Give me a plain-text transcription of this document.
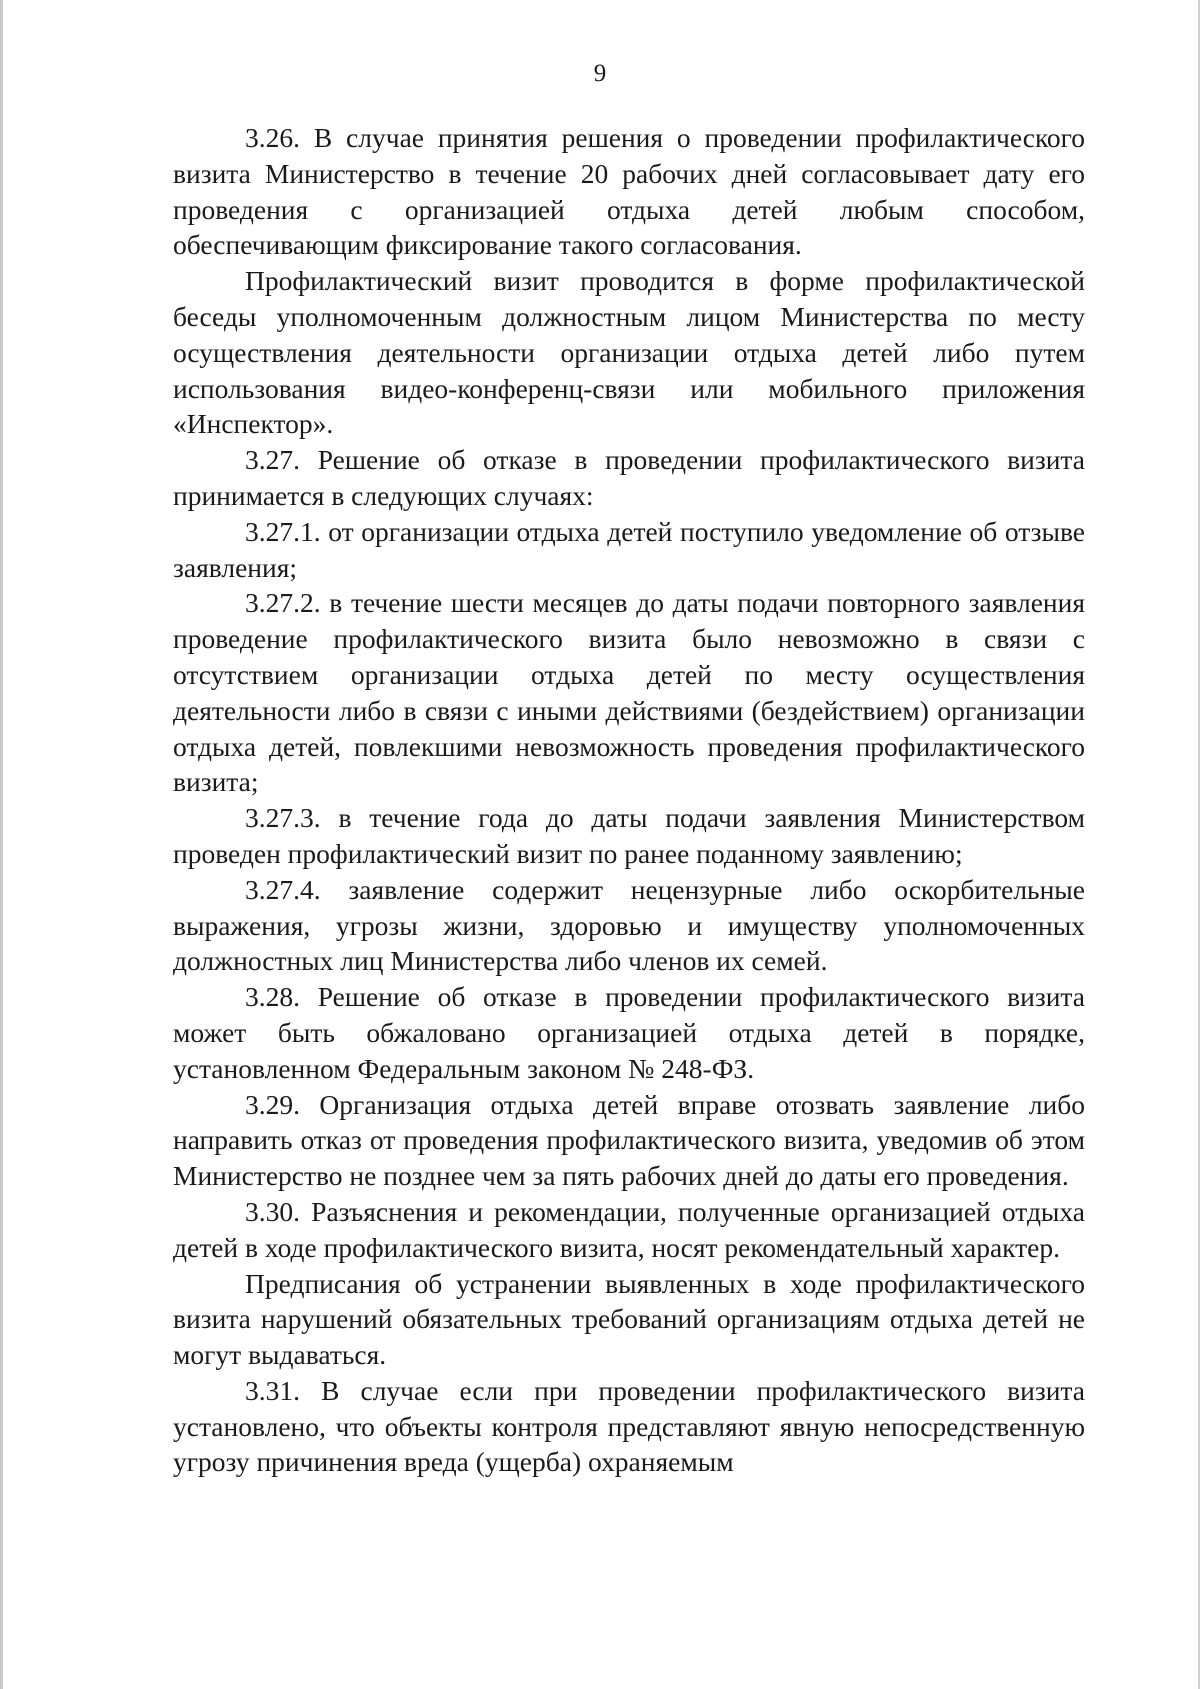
9

3.26. В случае принятия решения о проведении профилактического визита Министерство в течение 20 рабочих дней согласовывает дату его проведения с организацией отдыха детей любым способом, обеспечивающим фиксирование такого согласования.

Профилактический визит проводится в форме профилактической беседы уполномоченным должностным лицом Министерства по месту осуществления деятельности организации отдыха детей либо путем использования видео-конференц-связи или мобильного приложения «Инспектор».

3.27. Решение об отказе в проведении профилактического визита принимается в следующих случаях:

3.27.1. от организации отдыха детей поступило уведомление об отзыве заявления;

3.27.2. в течение шести месяцев до даты подачи повторного заявления проведение профилактического визита было невозможно в связи с отсутствием организации отдыха детей по месту осуществления деятельности либо в связи с иными действиями (бездействием) организации отдыха детей, повлекшими невозможность проведения профилактического визита;

3.27.3. в течение года до даты подачи заявления Министерством проведен профилактический визит по ранее поданному заявлению;

3.27.4. заявление содержит нецензурные либо оскорбительные выражения, угрозы жизни, здоровью и имуществу уполномоченных должностных лиц Министерства либо членов их семей.

3.28. Решение об отказе в проведении профилактического визита может быть обжаловано организацией отдыха детей в порядке, установленном Федеральным законом № 248-ФЗ.

3.29. Организация отдыха детей вправе отозвать заявление либо направить отказ от проведения профилактического визита, уведомив об этом Министерство не позднее чем за пять рабочих дней до даты его проведения.

3.30. Разъяснения и рекомендации, полученные организацией отдыха детей в ходе профилактического визита, носят рекомендательный характер.

Предписания об устранении выявленных в ходе профилактического визита нарушений обязательных требований организациям отдыха детей не могут выдаваться.

3.31. В случае если при проведении профилактического визита установлено, что объекты контроля представляют явную непосредственную угрозу причинения вреда (ущерба) охраняемым
